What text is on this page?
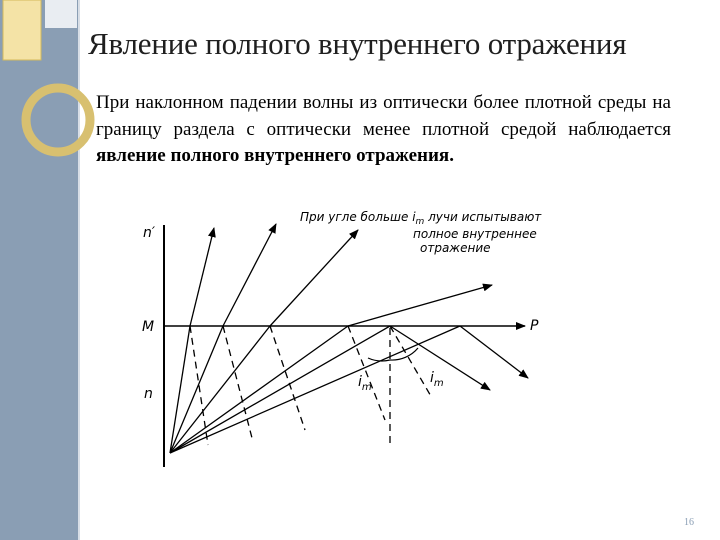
Явление полного внутреннего отражения

При наклонном падении волны из оптически более плотной среды на границу раздела с оптически менее плотной средой наблюдается явление полного внутреннего отражения.

n′
M
n
P
$i_m$
$i_m$
При угле больше $i_m$ лучи испытывают
полное внутреннее
отражение
16
